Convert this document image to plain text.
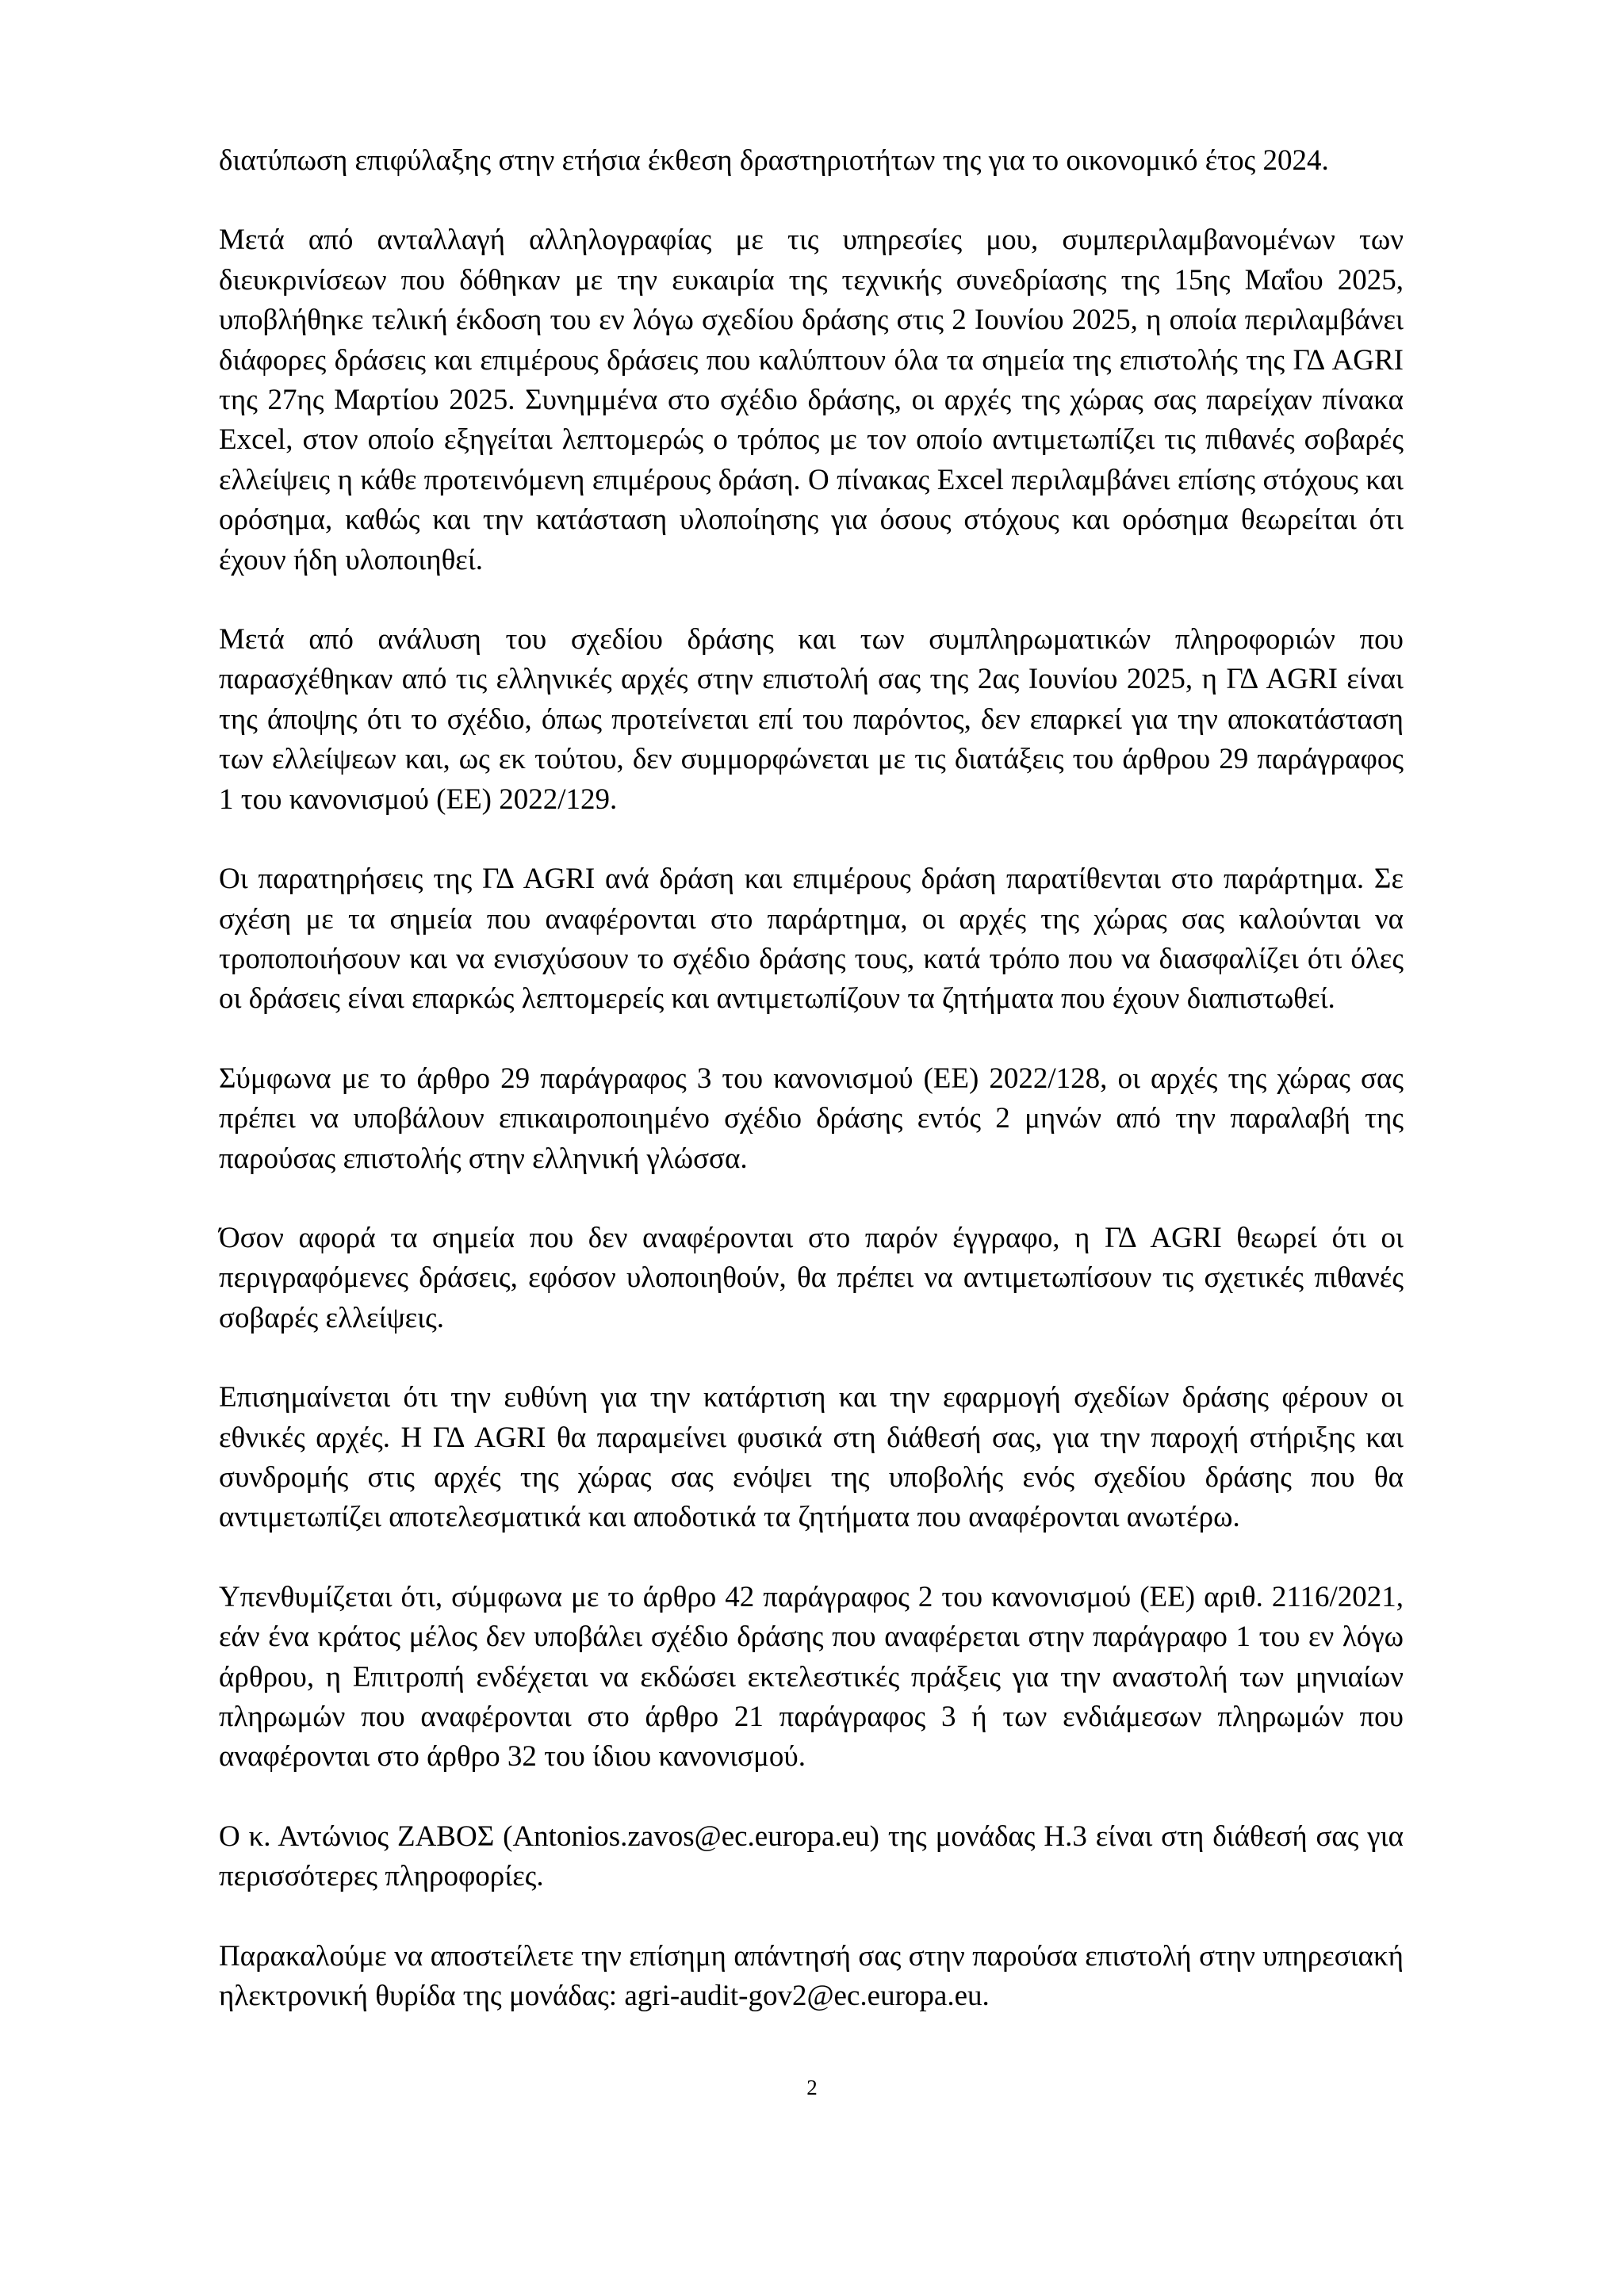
διατύπωση επιφύλαξης στην ετήσια έκθεση δραστηριοτήτων της για το οικονομικό έτος 2024.

Μετά από ανταλλαγή αλληλογραφίας με τις υπηρεσίες μου, συμπεριλαμβανομένων των διευκρινίσεων που δόθηκαν με την ευκαιρία της τεχνικής συνεδρίασης της 15ης Μαΐου 2025, υποβλήθηκε τελική έκδοση του εν λόγω σχεδίου δράσης στις 2 Ιουνίου 2025, η οποία περιλαμβάνει διάφορες δράσεις και επιμέρους δράσεις που καλύπτουν όλα τα σημεία της επιστολής της ΓΔ AGRI της 27ης Μαρτίου 2025. Συνημμένα στο σχέδιο δράσης, οι αρχές της χώρας σας παρείχαν πίνακα Excel, στον οποίο εξηγείται λεπτομερώς ο τρόπος με τον οποίο αντιμετωπίζει τις πιθανές σοβαρές ελλείψεις η κάθε προτεινόμενη επιμέρους δράση. Ο πίνακας Excel περιλαμβάνει επίσης στόχους και ορόσημα, καθώς και την κατάσταση υλοποίησης για όσους στόχους και ορόσημα θεωρείται ότι έχουν ήδη υλοποιηθεί.

Μετά από ανάλυση του σχεδίου δράσης και των συμπληρωματικών πληροφοριών που παρασχέθηκαν από τις ελληνικές αρχές στην επιστολή σας της 2ας Ιουνίου 2025, η ΓΔ AGRI είναι της άποψης ότι το σχέδιο, όπως προτείνεται επί του παρόντος, δεν επαρκεί για την αποκατάσταση των ελλείψεων και, ως εκ τούτου, δεν συμμορφώνεται με τις διατάξεις του άρθρου 29 παράγραφος 1 του κανονισμού (ΕΕ) 2022/129.

Οι παρατηρήσεις της ΓΔ AGRI ανά δράση και επιμέρους δράση παρατίθενται στο παράρτημα. Σε σχέση με τα σημεία που αναφέρονται στο παράρτημα, οι αρχές της χώρας σας καλούνται να τροποποιήσουν και να ενισχύσουν το σχέδιο δράσης τους, κατά τρόπο που να διασφαλίζει ότι όλες οι δράσεις είναι επαρκώς λεπτομερείς και αντιμετωπίζουν τα ζητήματα που έχουν διαπιστωθεί.

Σύμφωνα με το άρθρο 29 παράγραφος 3 του κανονισμού (ΕΕ) 2022/128, οι αρχές της χώρας σας πρέπει να υποβάλουν επικαιροποιημένο σχέδιο δράσης εντός 2 μηνών από την παραλαβή της παρούσας επιστολής στην ελληνική γλώσσα.

Όσον αφορά τα σημεία που δεν αναφέρονται στο παρόν έγγραφο, η ΓΔ AGRI θεωρεί ότι οι περιγραφόμενες δράσεις, εφόσον υλοποιηθούν, θα πρέπει να αντιμετωπίσουν τις σχετικές πιθανές σοβαρές ελλείψεις.

Επισημαίνεται ότι την ευθύνη για την κατάρτιση και την εφαρμογή σχεδίων δράσης φέρουν οι εθνικές αρχές. Η ΓΔ AGRI θα παραμείνει φυσικά στη διάθεσή σας, για την παροχή στήριξης και συνδρομής στις αρχές της χώρας σας ενόψει της υποβολής ενός σχεδίου δράσης που θα αντιμετωπίζει αποτελεσματικά και αποδοτικά τα ζητήματα που αναφέρονται ανωτέρω.

Υπενθυμίζεται ότι, σύμφωνα με το άρθρο 42 παράγραφος 2 του κανονισμού (ΕΕ) αριθ. 2116/2021, εάν ένα κράτος μέλος δεν υποβάλει σχέδιο δράσης που αναφέρεται στην παράγραφο 1 του εν λόγω άρθρου, η Επιτροπή ενδέχεται να εκδώσει εκτελεστικές πράξεις για την αναστολή των μηνιαίων πληρωμών που αναφέρονται στο άρθρο 21 παράγραφος 3 ή των ενδιάμεσων πληρωμών που αναφέρονται στο άρθρο 32 του ίδιου κανονισμού.

Ο κ. Αντώνιος ΖΑΒΟΣ (Antonios.zavos@ec.europa.eu) της μονάδας H.3 είναι στη διάθεσή σας για περισσότερες πληροφορίες.

Παρακαλούμε να αποστείλετε την επίσημη απάντησή σας στην παρούσα επιστολή στην υπηρεσιακή ηλεκτρονική θυρίδα της μονάδας: agri-audit-gov2@ec.europa.eu.

2
